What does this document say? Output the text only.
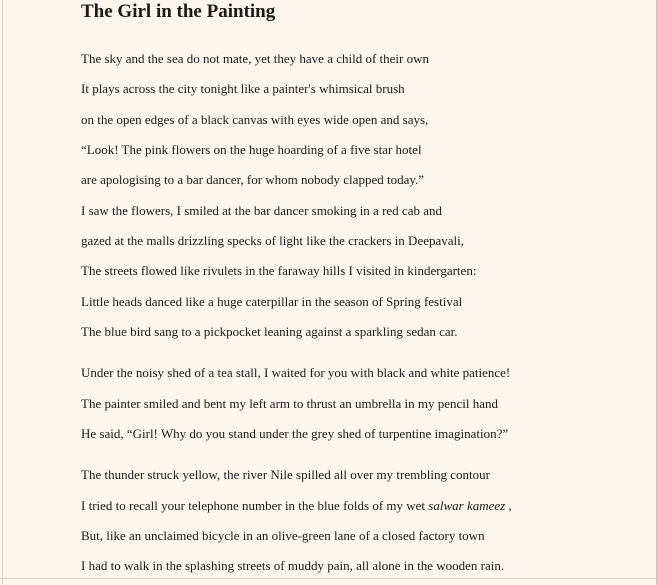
The Girl in the Painting
The sky and the sea do not mate, yet they have a child of their own
It plays across the city tonight like a painter's whimsical brush
on the open edges of a black canvas with eyes wide open and says,
“Look! The pink flowers on the huge hoarding of a five star hotel
are apologising to a bar dancer, for whom nobody clapped today.”
I saw the flowers, I smiled at the bar dancer smoking in a red cab and
gazed at the malls drizzling specks of light like the crackers in Deepavali,
The streets flowed like rivulets in the faraway hills I visited in kindergarten:
Little heads danced like a huge caterpillar in the season of Spring festival
The blue bird sang to a pickpocket leaning against a sparkling sedan car.
Under the noisy shed of a tea stall, I waited for you with black and white patience!
The painter smiled and bent my left arm to thrust an umbrella in my pencil hand
He said, “Girl! Why do you stand under the grey shed of turpentine imagination?”
The thunder struck yellow, the river Nile spilled all over my trembling contour
I tried to recall your telephone number in the blue folds of my wet salwar kameez ,
But, like an unclaimed bicycle in an olive-green lane of a closed factory town
I had to walk in the splashing streets of muddy pain, all alone in the wooden rain.
